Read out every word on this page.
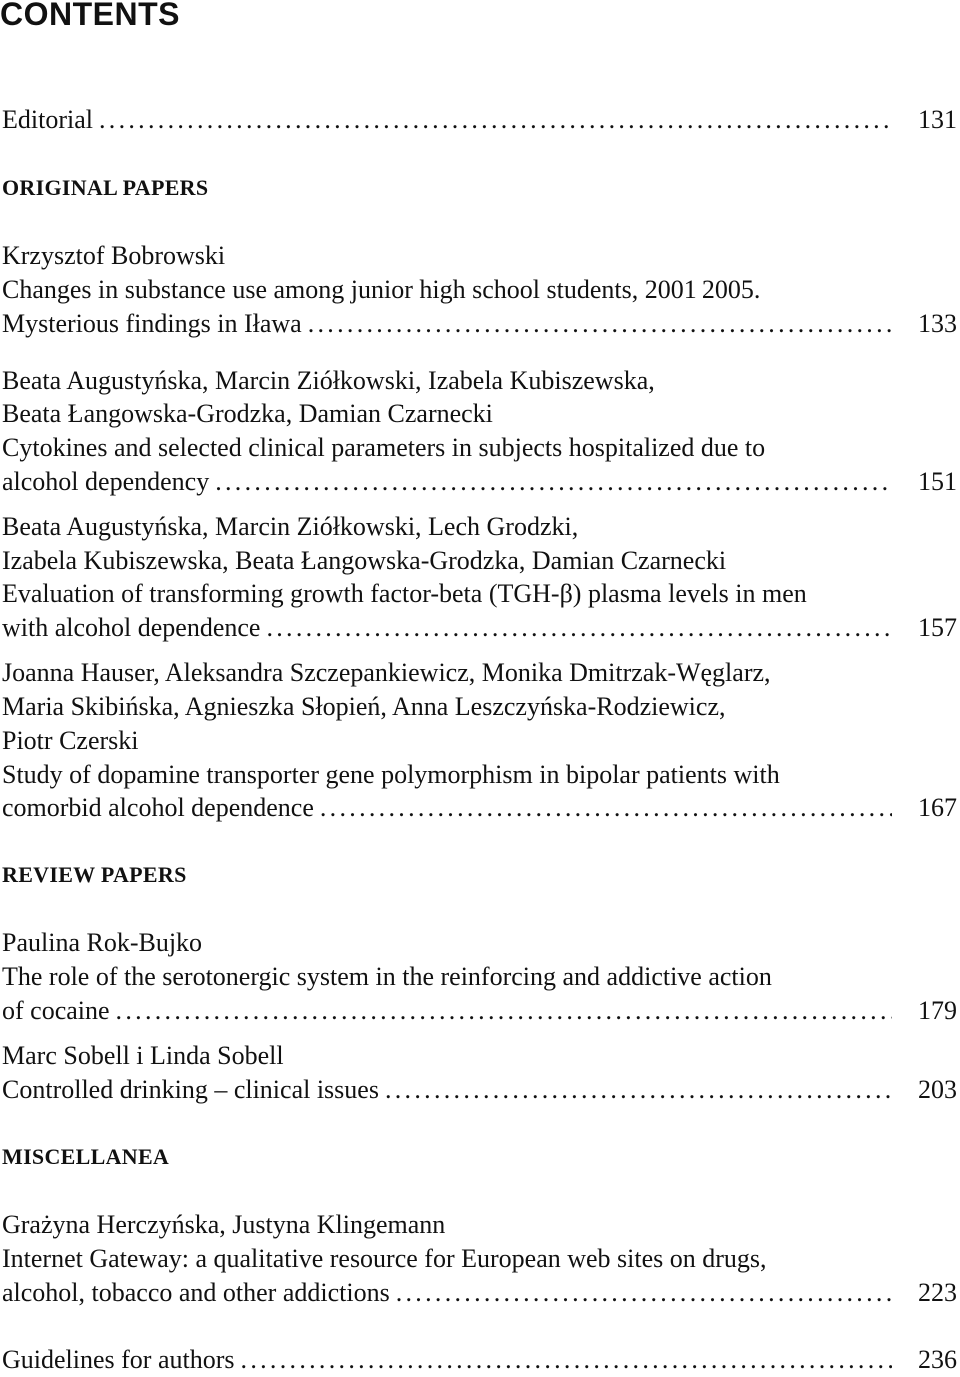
CONTENTS
Editorial . . .	131
ORIGINAL PAPERS
Krzysztof Bobrowski
Changes in substance use among junior high school students, 2001 2005.
Mysterious findings in Iława . . .	133
Beata Augustyńska, Marcin Ziółkowski, Izabela Kubiszewska,
Beata Łangowska-Grodzka, Damian Czarnecki
Cytokines and selected clinical parameters in subjects hospitalized due to
alcohol dependency . . .	151
Beata Augustyńska, Marcin Ziółkowski, Lech Grodzki,
Izabela Kubiszewska, Beata Łangowska-Grodzka, Damian Czarnecki
Evaluation of transforming growth factor-beta (TGH-β) plasma levels in men
with alcohol dependence . . .	157
Joanna Hauser, Aleksandra Szczepankiewicz, Monika Dmitrzak-Węglarz,
Maria Skibińska, Agnieszka Słopień, Anna Leszczyńska-Rodziewicz,
Piotr Czerski
Study of dopamine transporter gene polymorphism in bipolar patients with
comorbid alcohol dependence . . .	167
REVIEW PAPERS
Paulina Rok-Bujko
The role of the serotonergic system in the reinforcing and addictive action
of cocaine . . .	179
Marc Sobell i Linda Sobell
Controlled drinking – clinical issues . . .	203
MISCELLANEA
Grażyna Herczyńska, Justyna Klingemann
Internet Gateway: a qualitative resource for European web sites on drugs,
alcohol, tobacco and other addictions . . .	223
Guidelines for authors . . .	236
